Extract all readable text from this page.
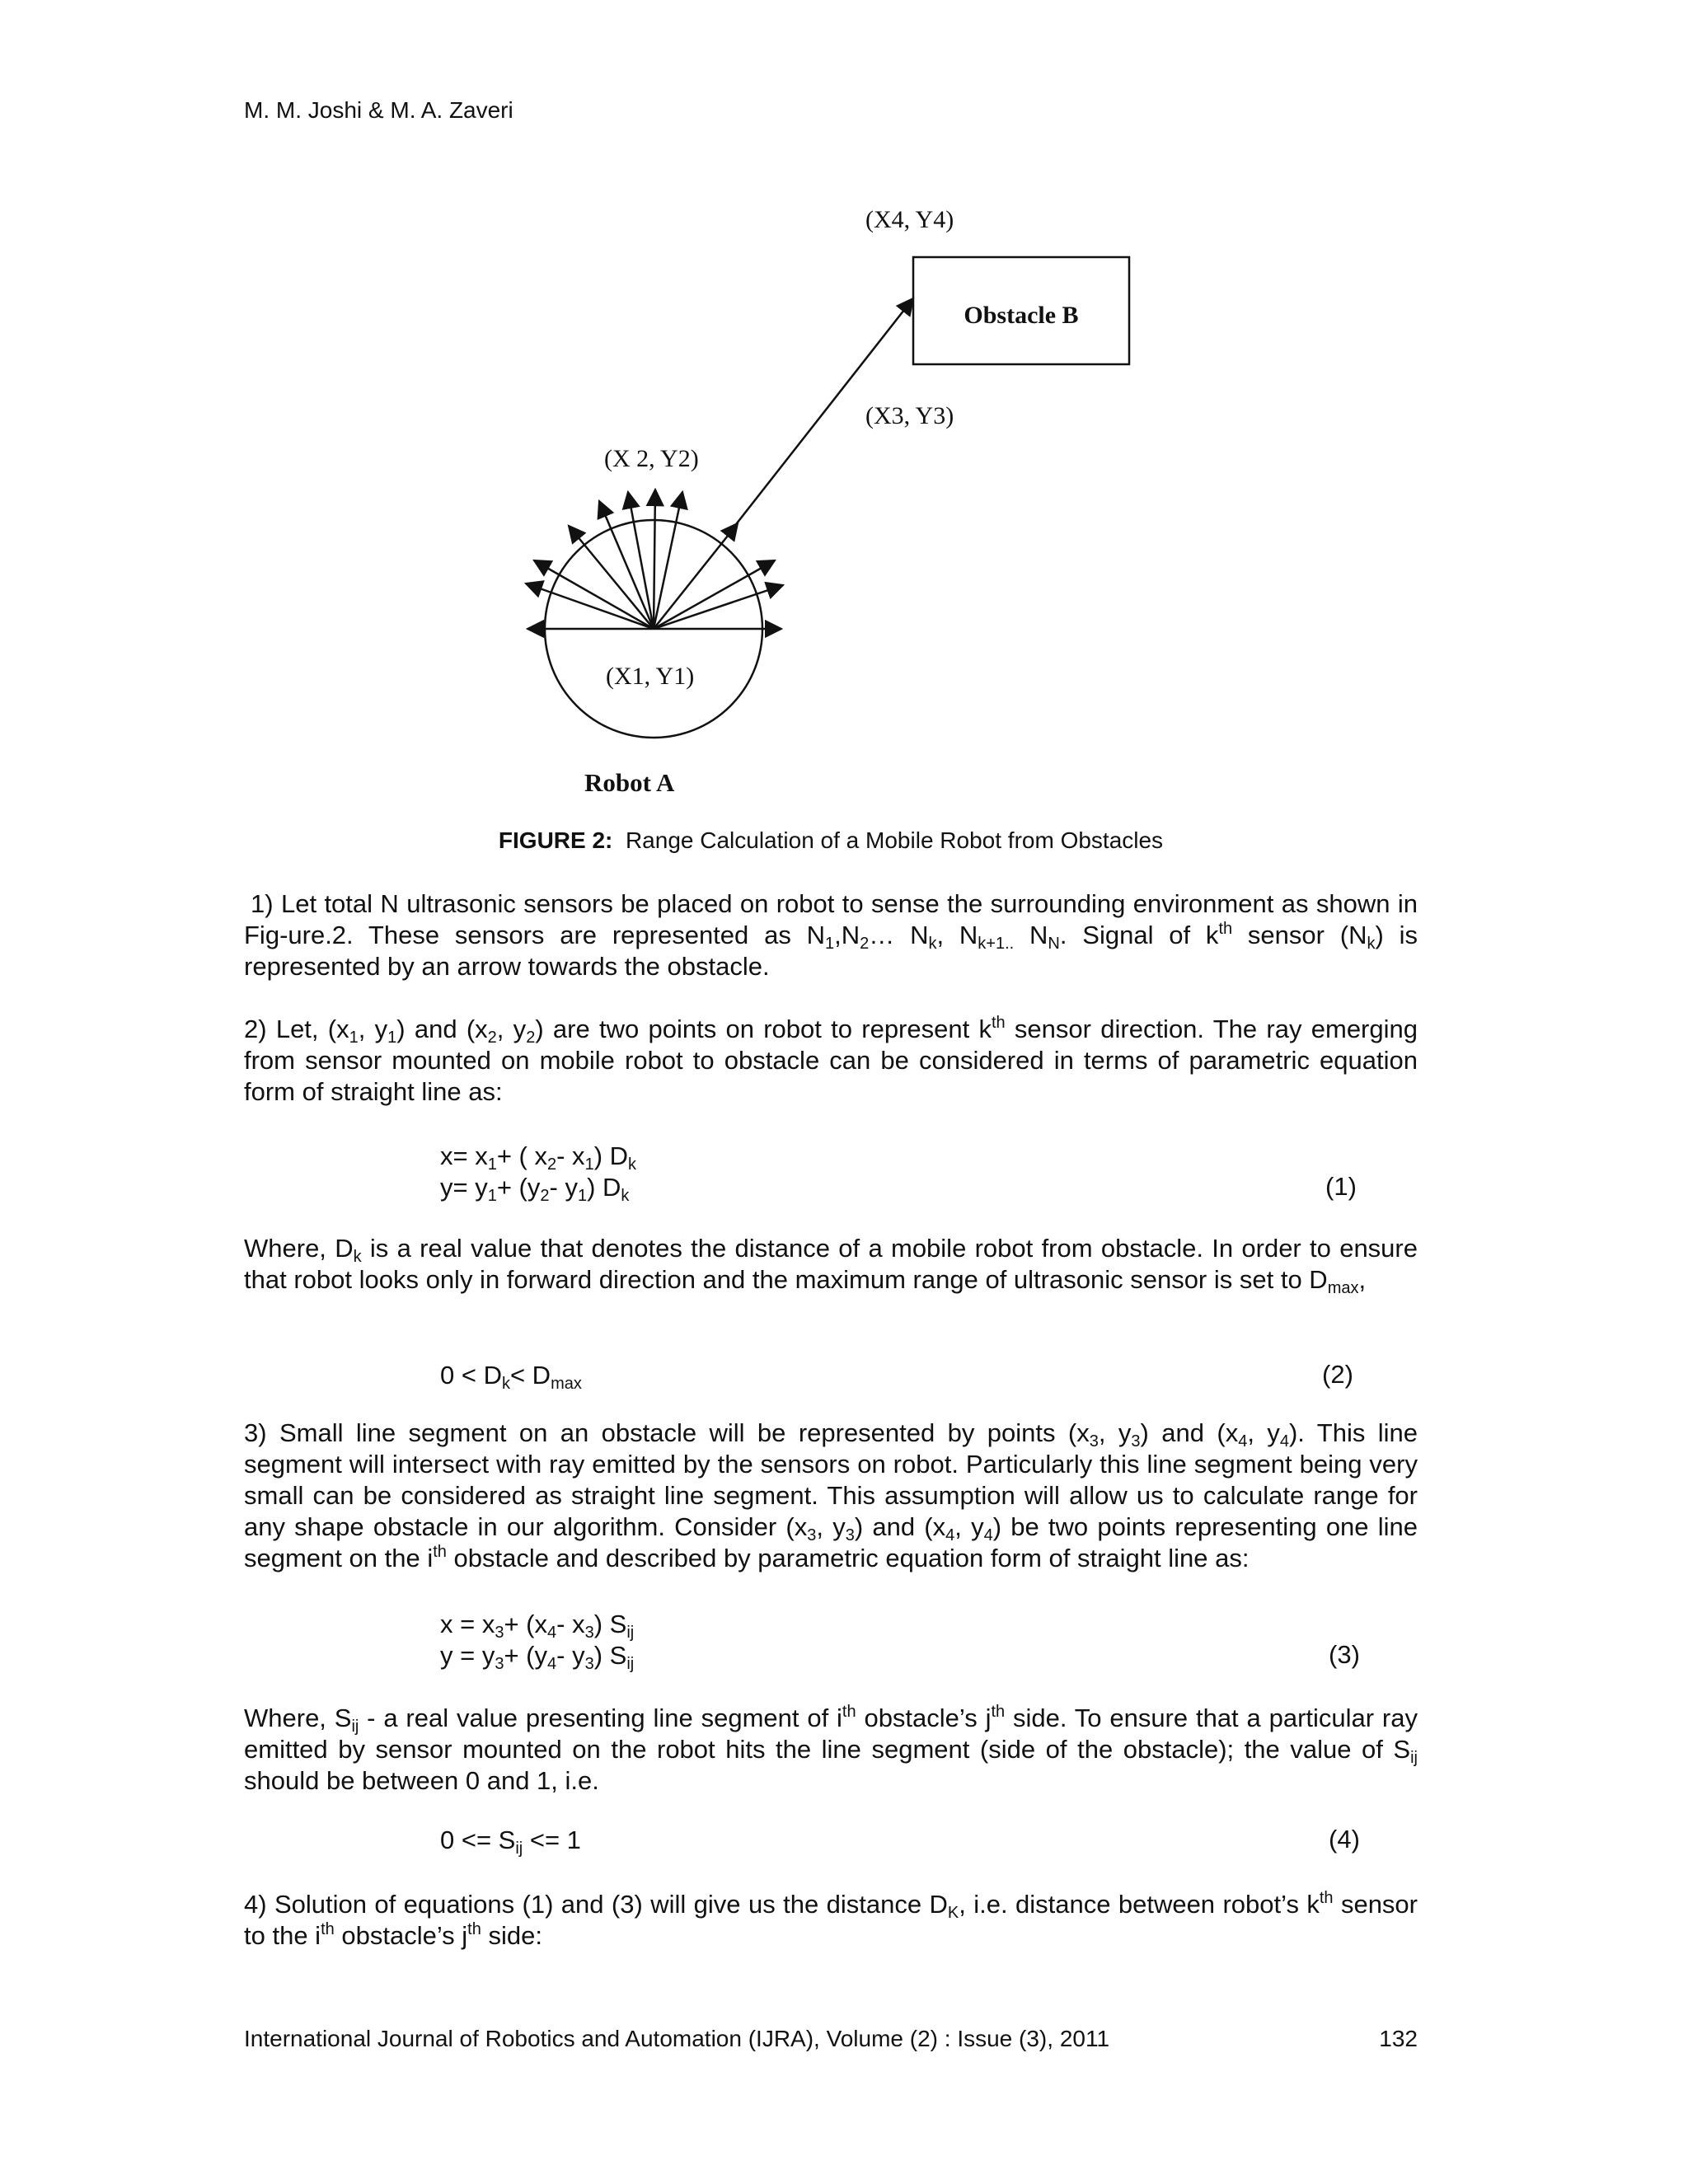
M. M. Joshi & M. A. Zaveri
Obstacle B
(X4, Y4)
(X3, Y3)
(X 2, Y2)
(X1, Y1)
Robot A
FIGURE 2: Range Calculation of a Mobile Robot from Obstacles
1) Let total N ultrasonic sensors be placed on robot to sense the surrounding environment as shown in Fig-ure.2. These sensors are represented as $N_1,N_2\dots$ $N_k$, $N_{k+1..}$ $N_N$. Signal of $k^{th}$ sensor $(N_k)$ is represented by an arrow towards the obstacle.
2) Let, ($x_1$, $y_1$) and ($x_2$, $y_2$) are two points on robot to represent $k^{th}$ sensor direction. The ray emerging from sensor mounted on mobile robot to obstacle can be considered in terms of parametric equation form of straight line as:
$x= x_1+$ ( $x_2-$ $x_1$) $D_k$
$y= y_1+ (y_2-$ $y_1$) $D_k$	(1)
Where, $D_k$ is a real value that denotes the distance of a mobile robot from obstacle. In order to ensure that robot looks only in forward direction and the maximum range of ultrasonic sensor is set to $D_{max}$,
$0 < D_k< D_{max}$	(2)
3) Small line segment on an obstacle will be represented by points ($x_3$, $y_3$) and ($x_4$, $y_4$). This line segment will intersect with ray emitted by the sensors on robot. Particularly this line segment being very small can be considered as straight line segment. This assumption will allow us to calculate range for any shape obstacle in our algorithm. Consider ($x_3$, $y_3$) and ($x_4$, $y_4$) be two points representing one line segment on the $i^{th}$ obstacle and described by parametric equation form of straight line as:
$x = x_3+ (x_4-$ $x_3$) $S_{ij}$
$y = y_3+ (y_4-$ $y_3$) $S_{ij}$	(3)
Where, $S_{ij}$ - a real value presenting line segment of $i^{th}$ obstacle’s $j^{th}$ side. To ensure that a particular ray emitted by sensor mounted on the robot hits the line segment (side of the obstacle); the value of $S_{ij}$ should be between 0 and 1, i.e.
$0 <= S_{ij} <= 1$	(4)
4) Solution of equations (1) and (3) will give us the distance $D_K$, i.e. distance between robot’s $k^{th}$ sensor to the $i^{th}$ obstacle’s $j^{th}$ side:
International Journal of Robotics and Automation (IJRA), Volume (2) : Issue (3), 2011	132
